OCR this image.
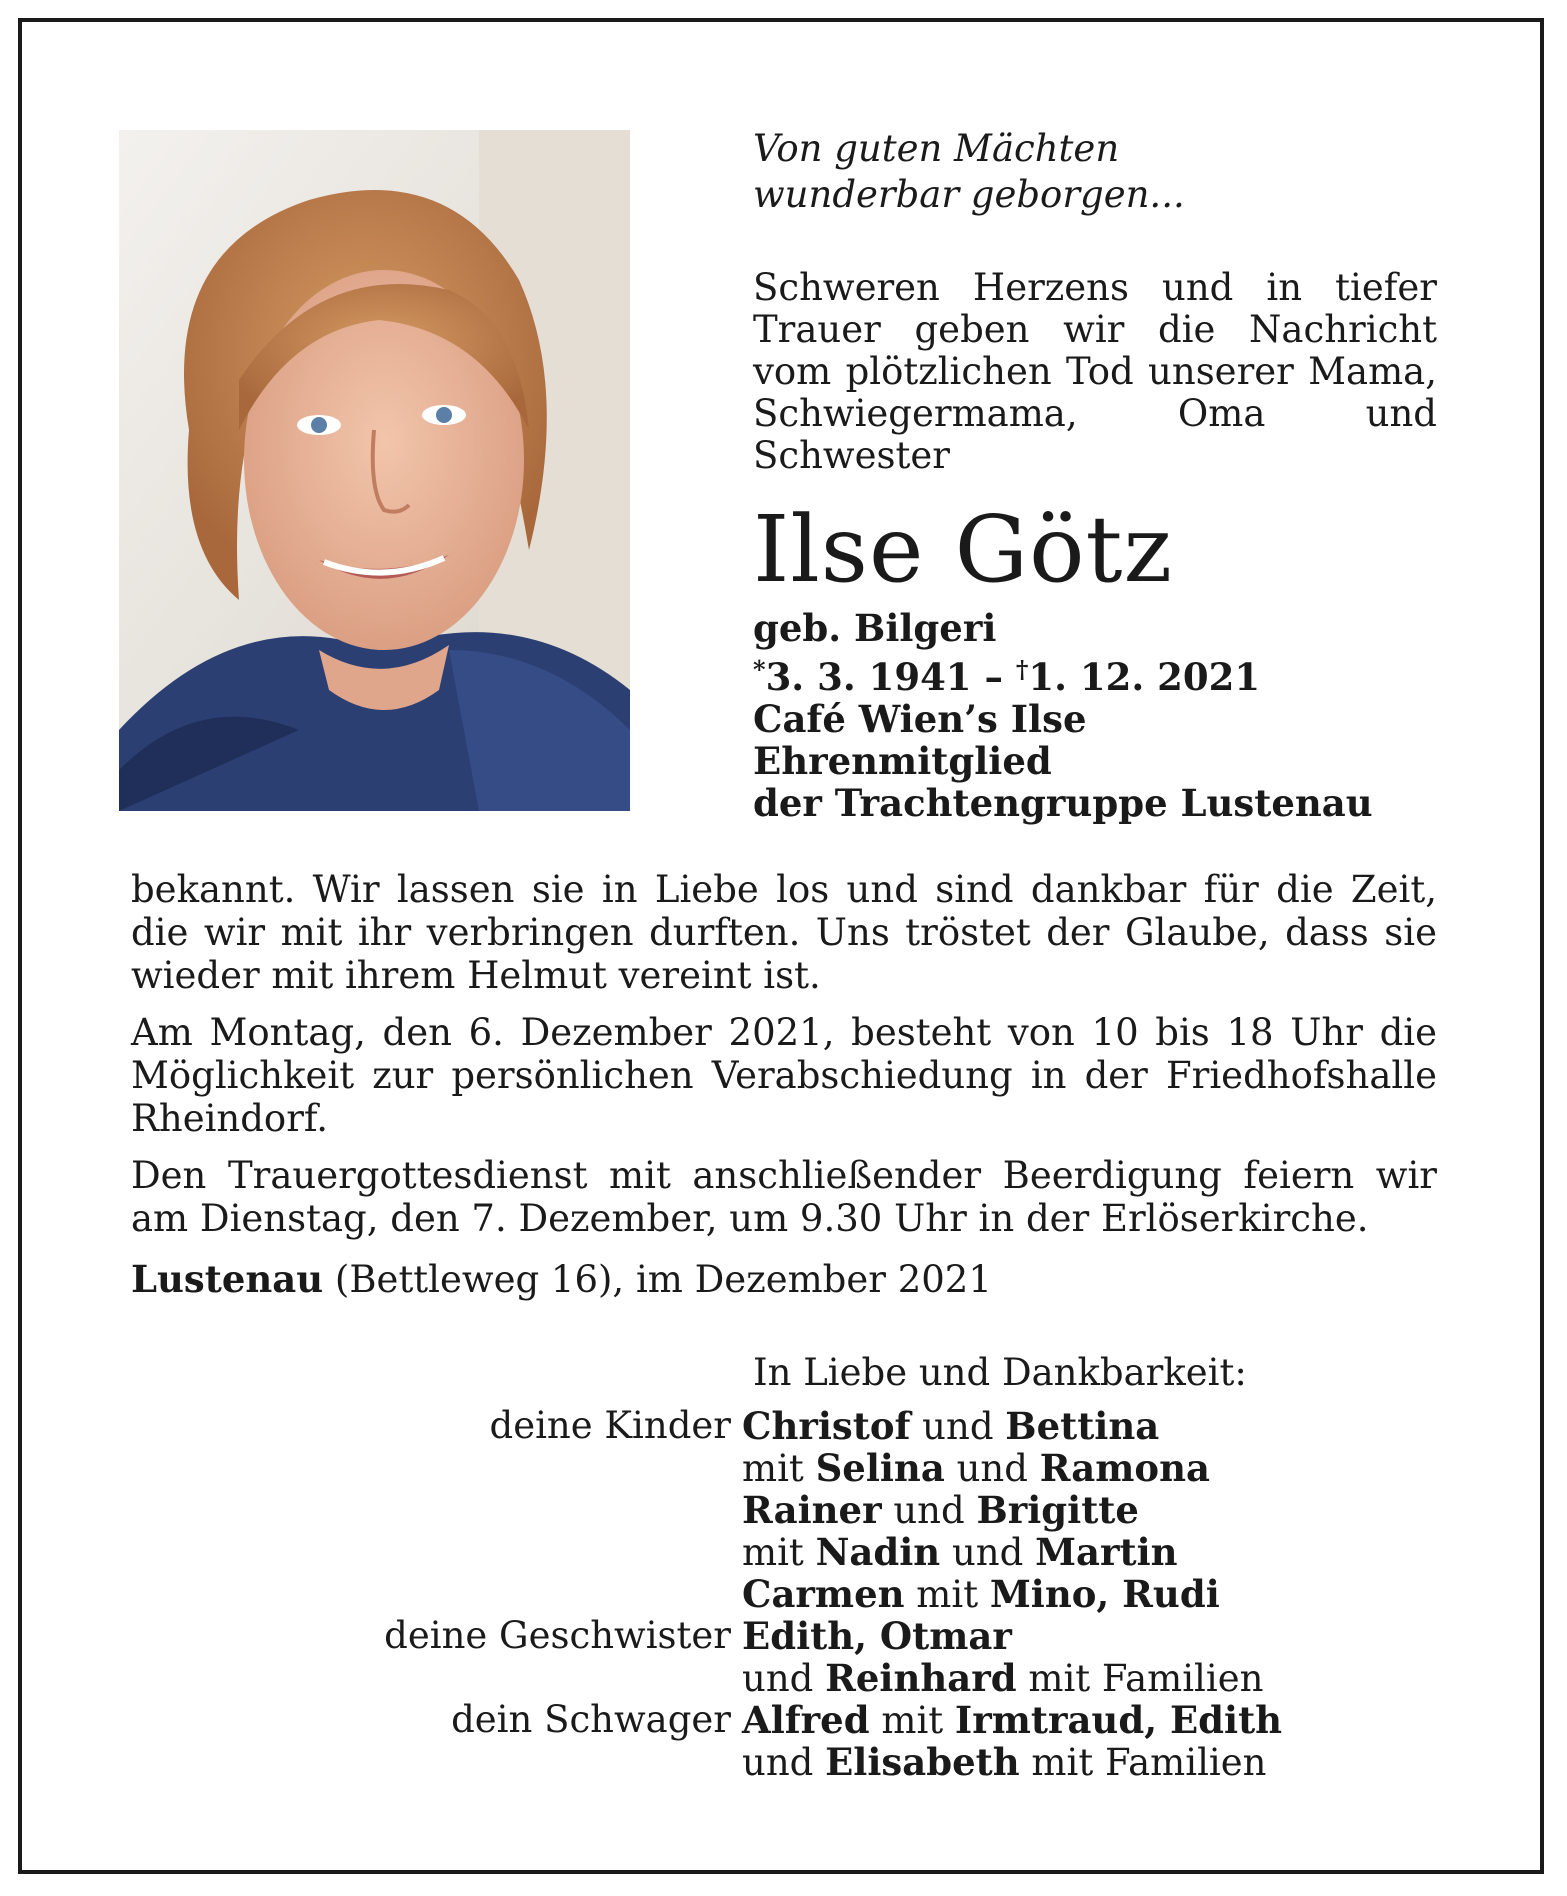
Von guten Mächten
wunderbar geborgen...
Schweren Herzens und in tiefer Trauer geben wir die Nachricht vom plötzlichen Tod unserer Mama, Schwiegermama, Oma und Schwester
Ilse Götz
geb. Bilgeri
*3. 3. 1941 – †1. 12. 2021
Café Wien’s Ilse
Ehrenmitglied
der Trachtengruppe Lustenau

bekannt. Wir lassen sie in Liebe los und sind dankbar für die Zeit, die wir mit ihr verbringen durften. Uns tröstet der Glaube, dass sie wieder mit ihrem Helmut vereint ist.

Am Montag, den 6. Dezember 2021, besteht von 10 bis 18 Uhr die Möglichkeit zur persönlichen Verabschiedung in der Friedhofshalle Rheindorf.

Den Trauergottesdienst mit anschließender Beerdigung feiern wir am Dienstag, den 7. Dezember, um 9.30 Uhr in der Erlöserkirche.

Lustenau (Bettleweg 16), im Dezember 2021
In Liebe und Dankbarkeit:
deine Kinder Christof und Bettina
mit Selina und Ramona
Rainer und Brigitte
mit Nadin und Martin
Carmen mit Mino, Rudi
deine Geschwister Edith, Otmar
und Reinhard mit Familien
dein Schwager Alfred mit Irmtraud, Edith
und Elisabeth mit Familien
